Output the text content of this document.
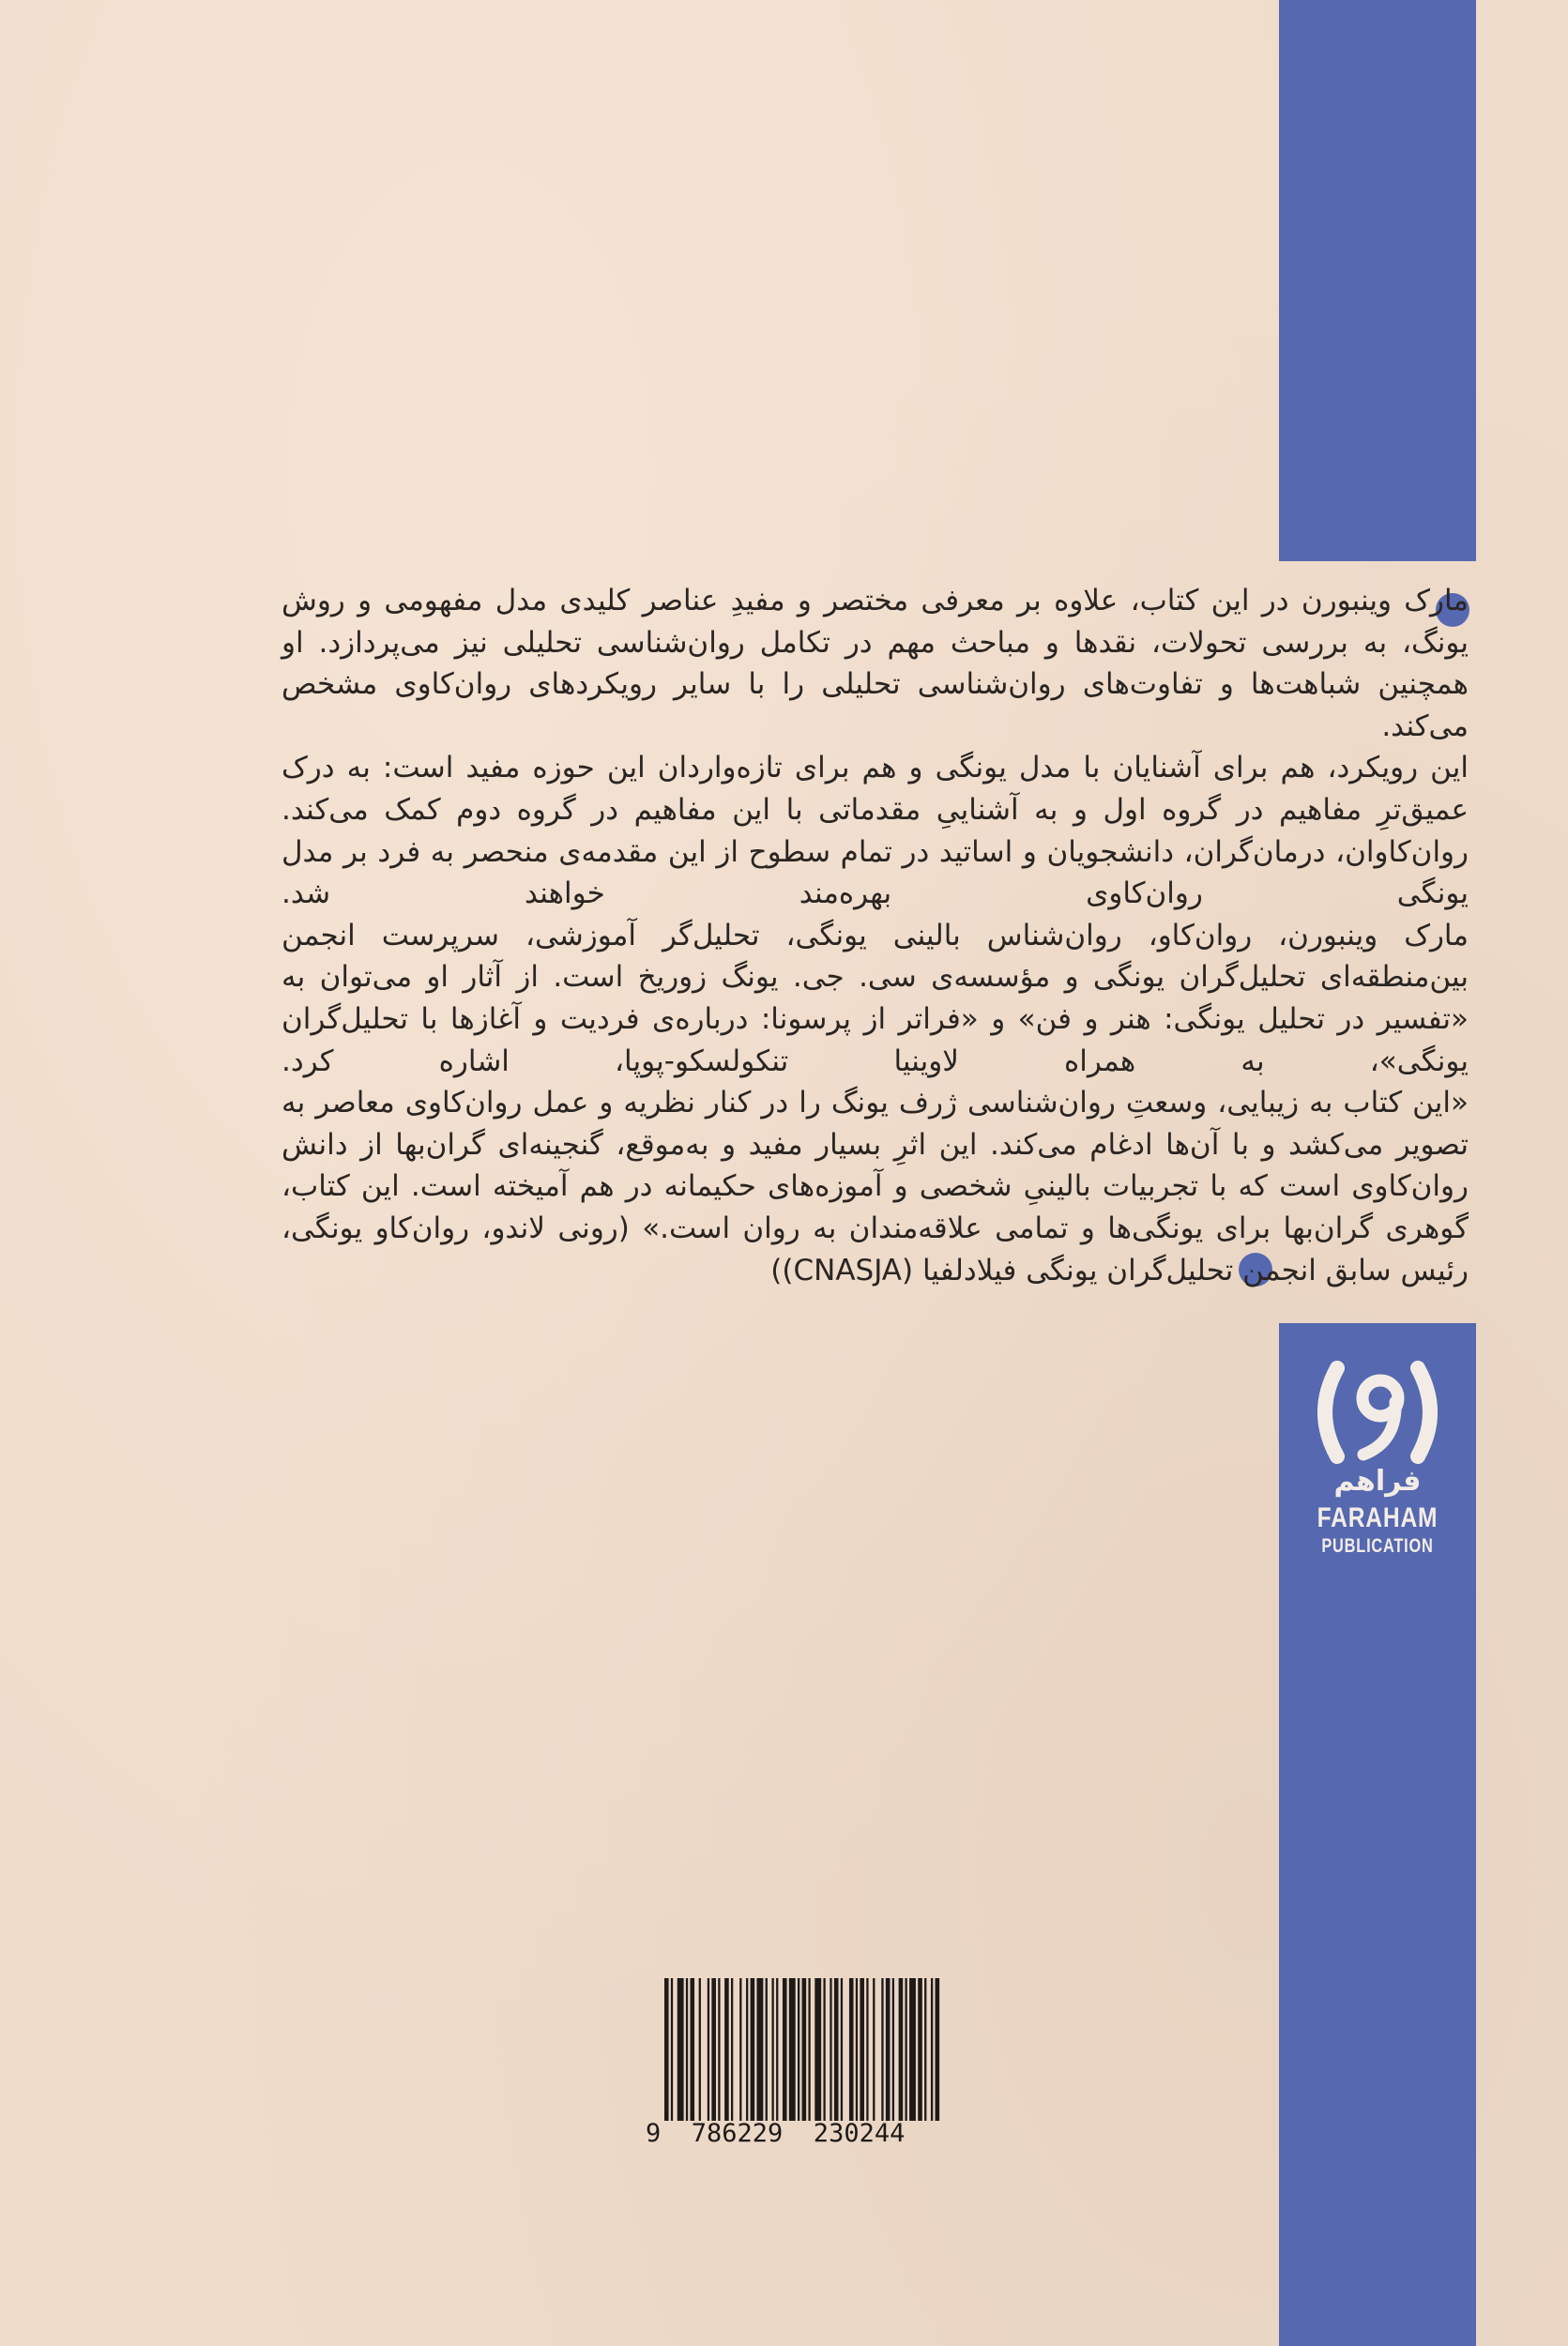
فراهم
FARAHAM
PUBLICATION

مارک وینبورن در این کتاب، علاوه بر معرفی مختصر و مفیدِ عناصر کلیدی مدل مفهومی و روش یونگ، به بررسی تحولات، نقدها و مباحث مهم در تکامل روان‌شناسی تحلیلی نیز می‌پردازد. او همچنین شباهت‌ها و تفاوت‌های روان‌شناسی تحلیلی را با سایر رویکردهای روان‌کاوی مشخص می‌کند.

این رویکرد، هم برای آشنایان با مدل یونگی و هم برای تازه‌واردان این حوزه مفید است: به درک عمیق‌ترِ مفاهیم در گروه اول و به آشناییِ مقدماتی با این مفاهیم در گروه دوم کمک می‌کند. روان‌کاوان، درمان‌گران، دانشجویان و اساتید در تمام سطوح از این مقدمه‌ی منحصر به فرد بر مدل یونگی روان‌کاوی بهره‌مند خواهند شد.

مارک وینبورن، روان‌کاو، روان‌شناس بالینی یونگی، تحلیل‌گر آموزشی، سرپرست انجمن بین‌منطقه‌ای تحلیل‌گران یونگی و مؤسسه‌ی سی. جی. یونگ زوریخ است. از آثار او می‌توان به «تفسیر در تحلیل یونگی: هنر و فن» و «فراتر از پرسونا: درباره‌ی فردیت و آغازها با تحلیل‌گران یونگی»، به همراه لاوینیا تنکولسکو-پوپا، اشاره کرد.

«این کتاب به زیبایی، وسعتِ روان‌شناسی ژرف یونگ را در کنار نظریه و عمل روان‌کاوی معاصر به تصویر می‌کشد و با آن‌ها ادغام می‌کند. این اثرِ بسیار مفید و به‌موقع، گنجینه‌ای گران‌بها از دانش روان‌کاوی است که با تجربیات بالینیِ شخصی و آموزه‌های حکیمانه در هم آمیخته است. این کتاب، گوهری گران‌بها برای یونگی‌ها و تمامی علاقه‌مندان به روان است.» (رونی لاندو، روان‌کاو یونگی، رئیس سابق انجمن تحلیل‌گران یونگی فیلادلفیا (CNASJA))

9  786229  230244
